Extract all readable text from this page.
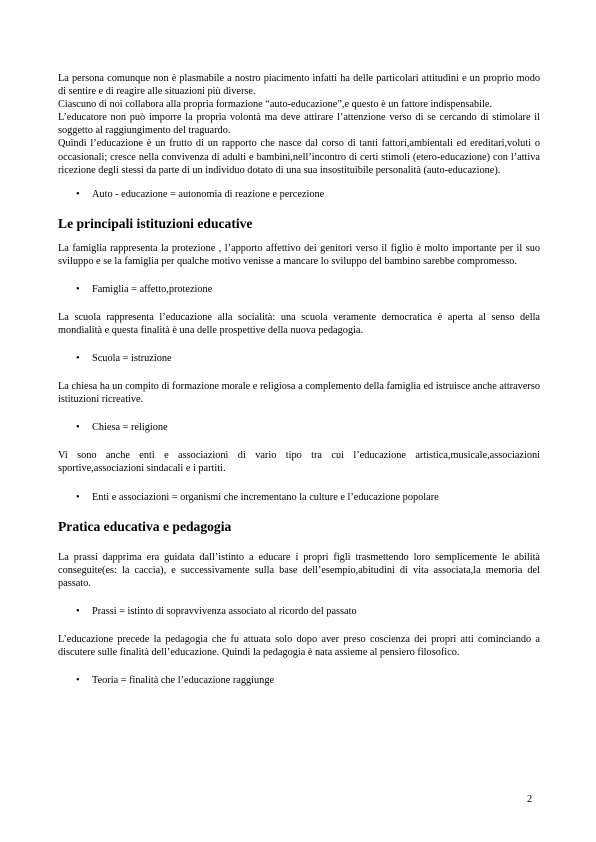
La persona comunque non è plasmabile a nostro piacimento infatti ha delle particolari attitudini e un proprio modo di sentire e di reagire alle situazioni più diverse.

Ciascuno di noi collabora alla propria formazione “auto-educazione”,e questo è un fattore indispensabile.

L’educatore non può imporre la propria volontà ma deve attirare l’attenzione verso di se cercando di stimolare il soggetto al raggiungimento del traguardo.

Quindi l’educazione è un frutto di un rapporto che nasce dal corso di tanti fattori,ambientali ed ereditari,voluti o occasionali; cresce nella convivenza di adulti e bambini,nell’incontro di certi stimoli (etero-educazione) con l’attiva ricezione degli stessi da parte di un individuo dotato di una sua insostituibile personalità (auto-educazione).

• Auto - educazione = autonomia di reazione e percezione
Le principali istituzioni educative

La famiglia rappresenta la protezione , l’apporto affettivo dei genitori verso il figlio è molto importante per il suo sviluppo e se la famiglia per qualche motivo venisse a mancare lo sviluppo del bambino sarebbe compromesso.

• Famiglia = affetto,protezione

La scuola rappresenta l’educazione alla socialità: una scuola veramente democratica è aperta al senso della mondialità e questa finalità è una delle prospettive della nuova pedagogia.

• Scuola = istruzione

La chiesa ha un compito di formazione morale e religiosa a complemento della famiglia ed istruisce anche attraverso istituzioni ricreative.

• Chiesa = religione

Vi sono anche enti e associazioni di vario tipo tra cui l’educazione artistica,musicale,associazioni sportive,associazioni sindacali e i partiti.

• Enti e associazioni = organismi che incrementano la culture e l’educazione popolare
Pratica educativa e pedagogia

La prassi dapprima era guidata dall’istinto a educare i propri figli trasmettendo loro semplicemente le abilità conseguite(es: la caccia), e successivamente sulla base dell’esempio,abitudini di vita associata,la memoria del passato.

• Prassi = istinto di sopravvivenza associato al ricordo del passato

L’educazione precede la pedagogia che fu attuata solo dopo aver preso coscienza dei propri atti cominciando a discutere sulle finalità dell’educazione. Quindi la pedagogia è nata assieme al pensiero filosofico.

• Teoria = finalità che l’educazione raggiunge
2
